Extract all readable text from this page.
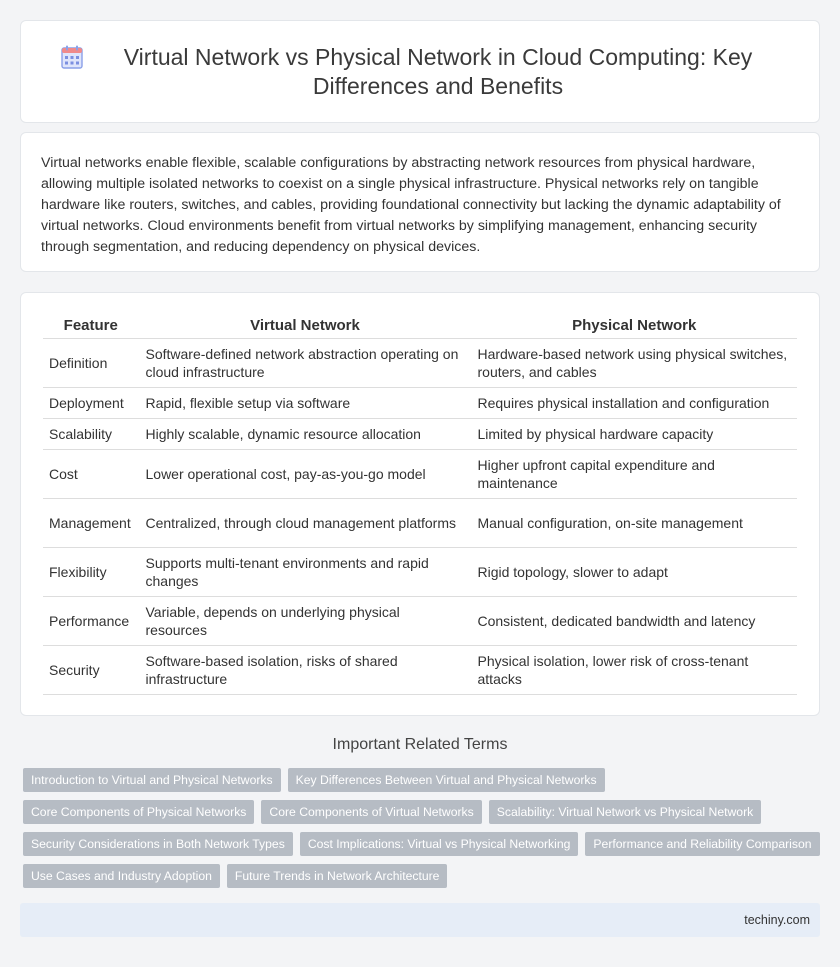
Virtual Network vs Physical Network in Cloud Computing: Key Differences and Benefits

Virtual networks enable flexible, scalable configurations by abstracting network resources from physical hardware, allowing multiple isolated networks to coexist on a single physical infrastructure. Physical networks rely on tangible hardware like routers, switches, and cables, providing foundational connectivity but lacking the dynamic adaptability of virtual networks. Cloud environments benefit from virtual networks by simplifying management, enhancing security through segmentation, and reducing dependency on physical devices.

Feature	Virtual Network	Physical Network
Definition	Software-defined network abstraction operating on cloud infrastructure	Hardware-based network using physical switches, routers, and cables
Deployment	Rapid, flexible setup via software	Requires physical installation and configuration
Scalability	Highly scalable, dynamic resource allocation	Limited by physical hardware capacity
Cost	Lower operational cost, pay-as-you-go model	Higher upfront capital expenditure and maintenance
Management	Centralized, through cloud management platforms	Manual configuration, on-site management
Flexibility	Supports multi-tenant environments and rapid changes	Rigid topology, slower to adapt
Performance	Variable, depends on underlying physical resources	Consistent, dedicated bandwidth and latency
Security	Software-based isolation, risks of shared infrastructure	Physical isolation, lower risk of cross-tenant attacks
Important Related Terms
Introduction to Virtual and Physical Networks	Key Differences Between Virtual and Physical Networks
Core Components of Physical Networks	Core Components of Virtual Networks	Scalability: Virtual Network vs Physical Network
Security Considerations in Both Network Types	Cost Implications: Virtual vs Physical Networking	Performance and Reliability Comparison
Use Cases and Industry Adoption	Future Trends in Network Architecture
techiny.com
